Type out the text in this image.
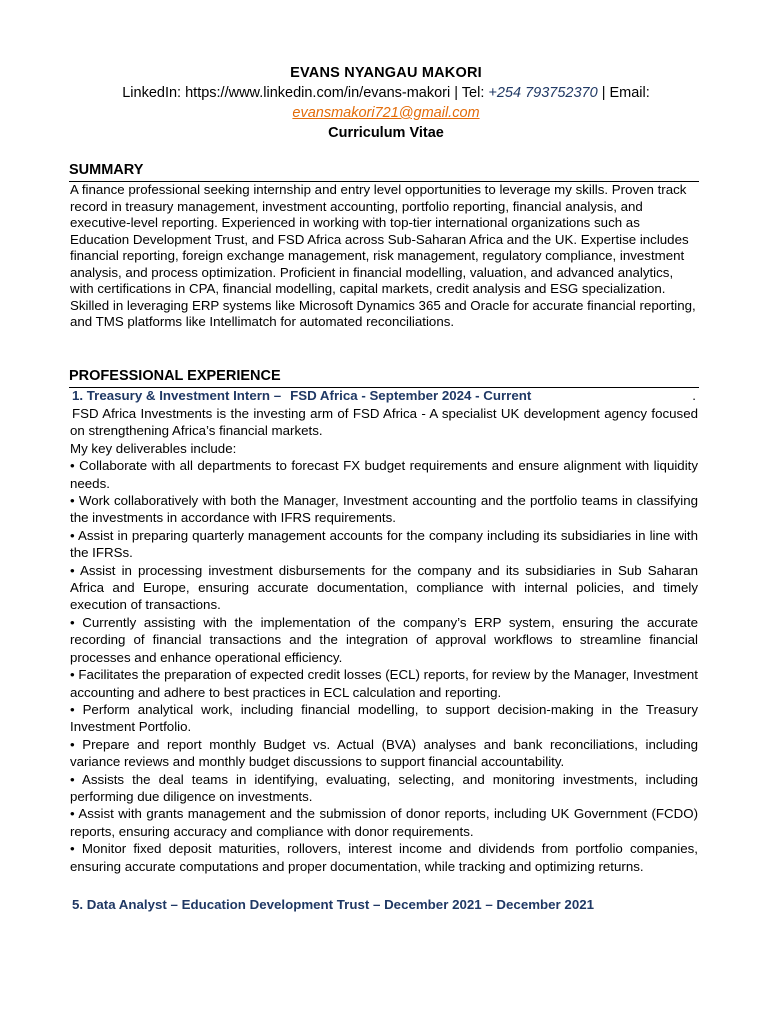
EVANS NYANGAU MAKORI
LinkedIn: https://www.linkedin.com/in/evans-makori | Tel: +254 793752370 | Email:
evansmakori721@gmail.com
Curriculum Vitae
SUMMARY
A finance professional seeking internship and entry level opportunities to leverage my skills. Proven track record in treasury management, investment accounting, portfolio reporting, financial analysis, and executive-level reporting. Experienced in working with top-tier international organizations such as Education Development Trust, and FSD Africa across Sub-Saharan Africa and the UK. Expertise includes financial reporting, foreign exchange management, risk management, regulatory compliance, investment analysis, and process optimization. Proficient in financial modelling, valuation, and advanced analytics, with certifications in CPA, financial modelling, capital markets, credit analysis and ESG specialization. Skilled in leveraging ERP systems like Microsoft Dynamics 365 and Oracle for accurate financial reporting, and TMS platforms like Intellimatch for automated reconciliations.
PROFESSIONAL EXPERIENCE
1. Treasury & Investment Intern – FSD Africa - September 2024 - Current	.

FSD Africa Investments is the investing arm of FSD Africa - A specialist UK development agency focused on strengthening Africa’s financial markets.

My key deliverables include:

• Collaborate with all departments to forecast FX budget requirements and ensure alignment with liquidity needs.

• Work collaboratively with both the Manager, Investment accounting and the portfolio teams in classifying the investments in accordance with IFRS requirements.

• Assist in preparing quarterly management accounts for the company including its subsidiaries in line with the IFRSs.

• Assist in processing investment disbursements for the company and its subsidiaries in Sub Saharan Africa and Europe, ensuring accurate documentation, compliance with internal policies, and timely execution of transactions.

• Currently assisting with the implementation of the company’s ERP system, ensuring the accurate recording of financial transactions and the integration of approval workflows to streamline financial processes and enhance operational efficiency.

• Facilitates the preparation of expected credit losses (ECL) reports, for review by the Manager, Investment accounting and adhere to best practices in ECL calculation and reporting.

• Perform analytical work, including financial modelling, to support decision-making in the Treasury Investment Portfolio.

• Prepare and report monthly Budget vs. Actual (BVA) analyses and bank reconciliations, including variance reviews and monthly budget discussions to support financial accountability.

• Assists the deal teams in identifying, evaluating, selecting, and monitoring investments, including performing due diligence on investments.

• Assist with grants management and the submission of donor reports, including UK Government (FCDO) reports, ensuring accuracy and compliance with donor requirements.

• Monitor fixed deposit maturities, rollovers, interest income and dividends from portfolio companies, ensuring accurate computations and proper documentation, while tracking and optimizing returns.

5. Data Analyst – Education Development Trust – December 2021 – December 2021
